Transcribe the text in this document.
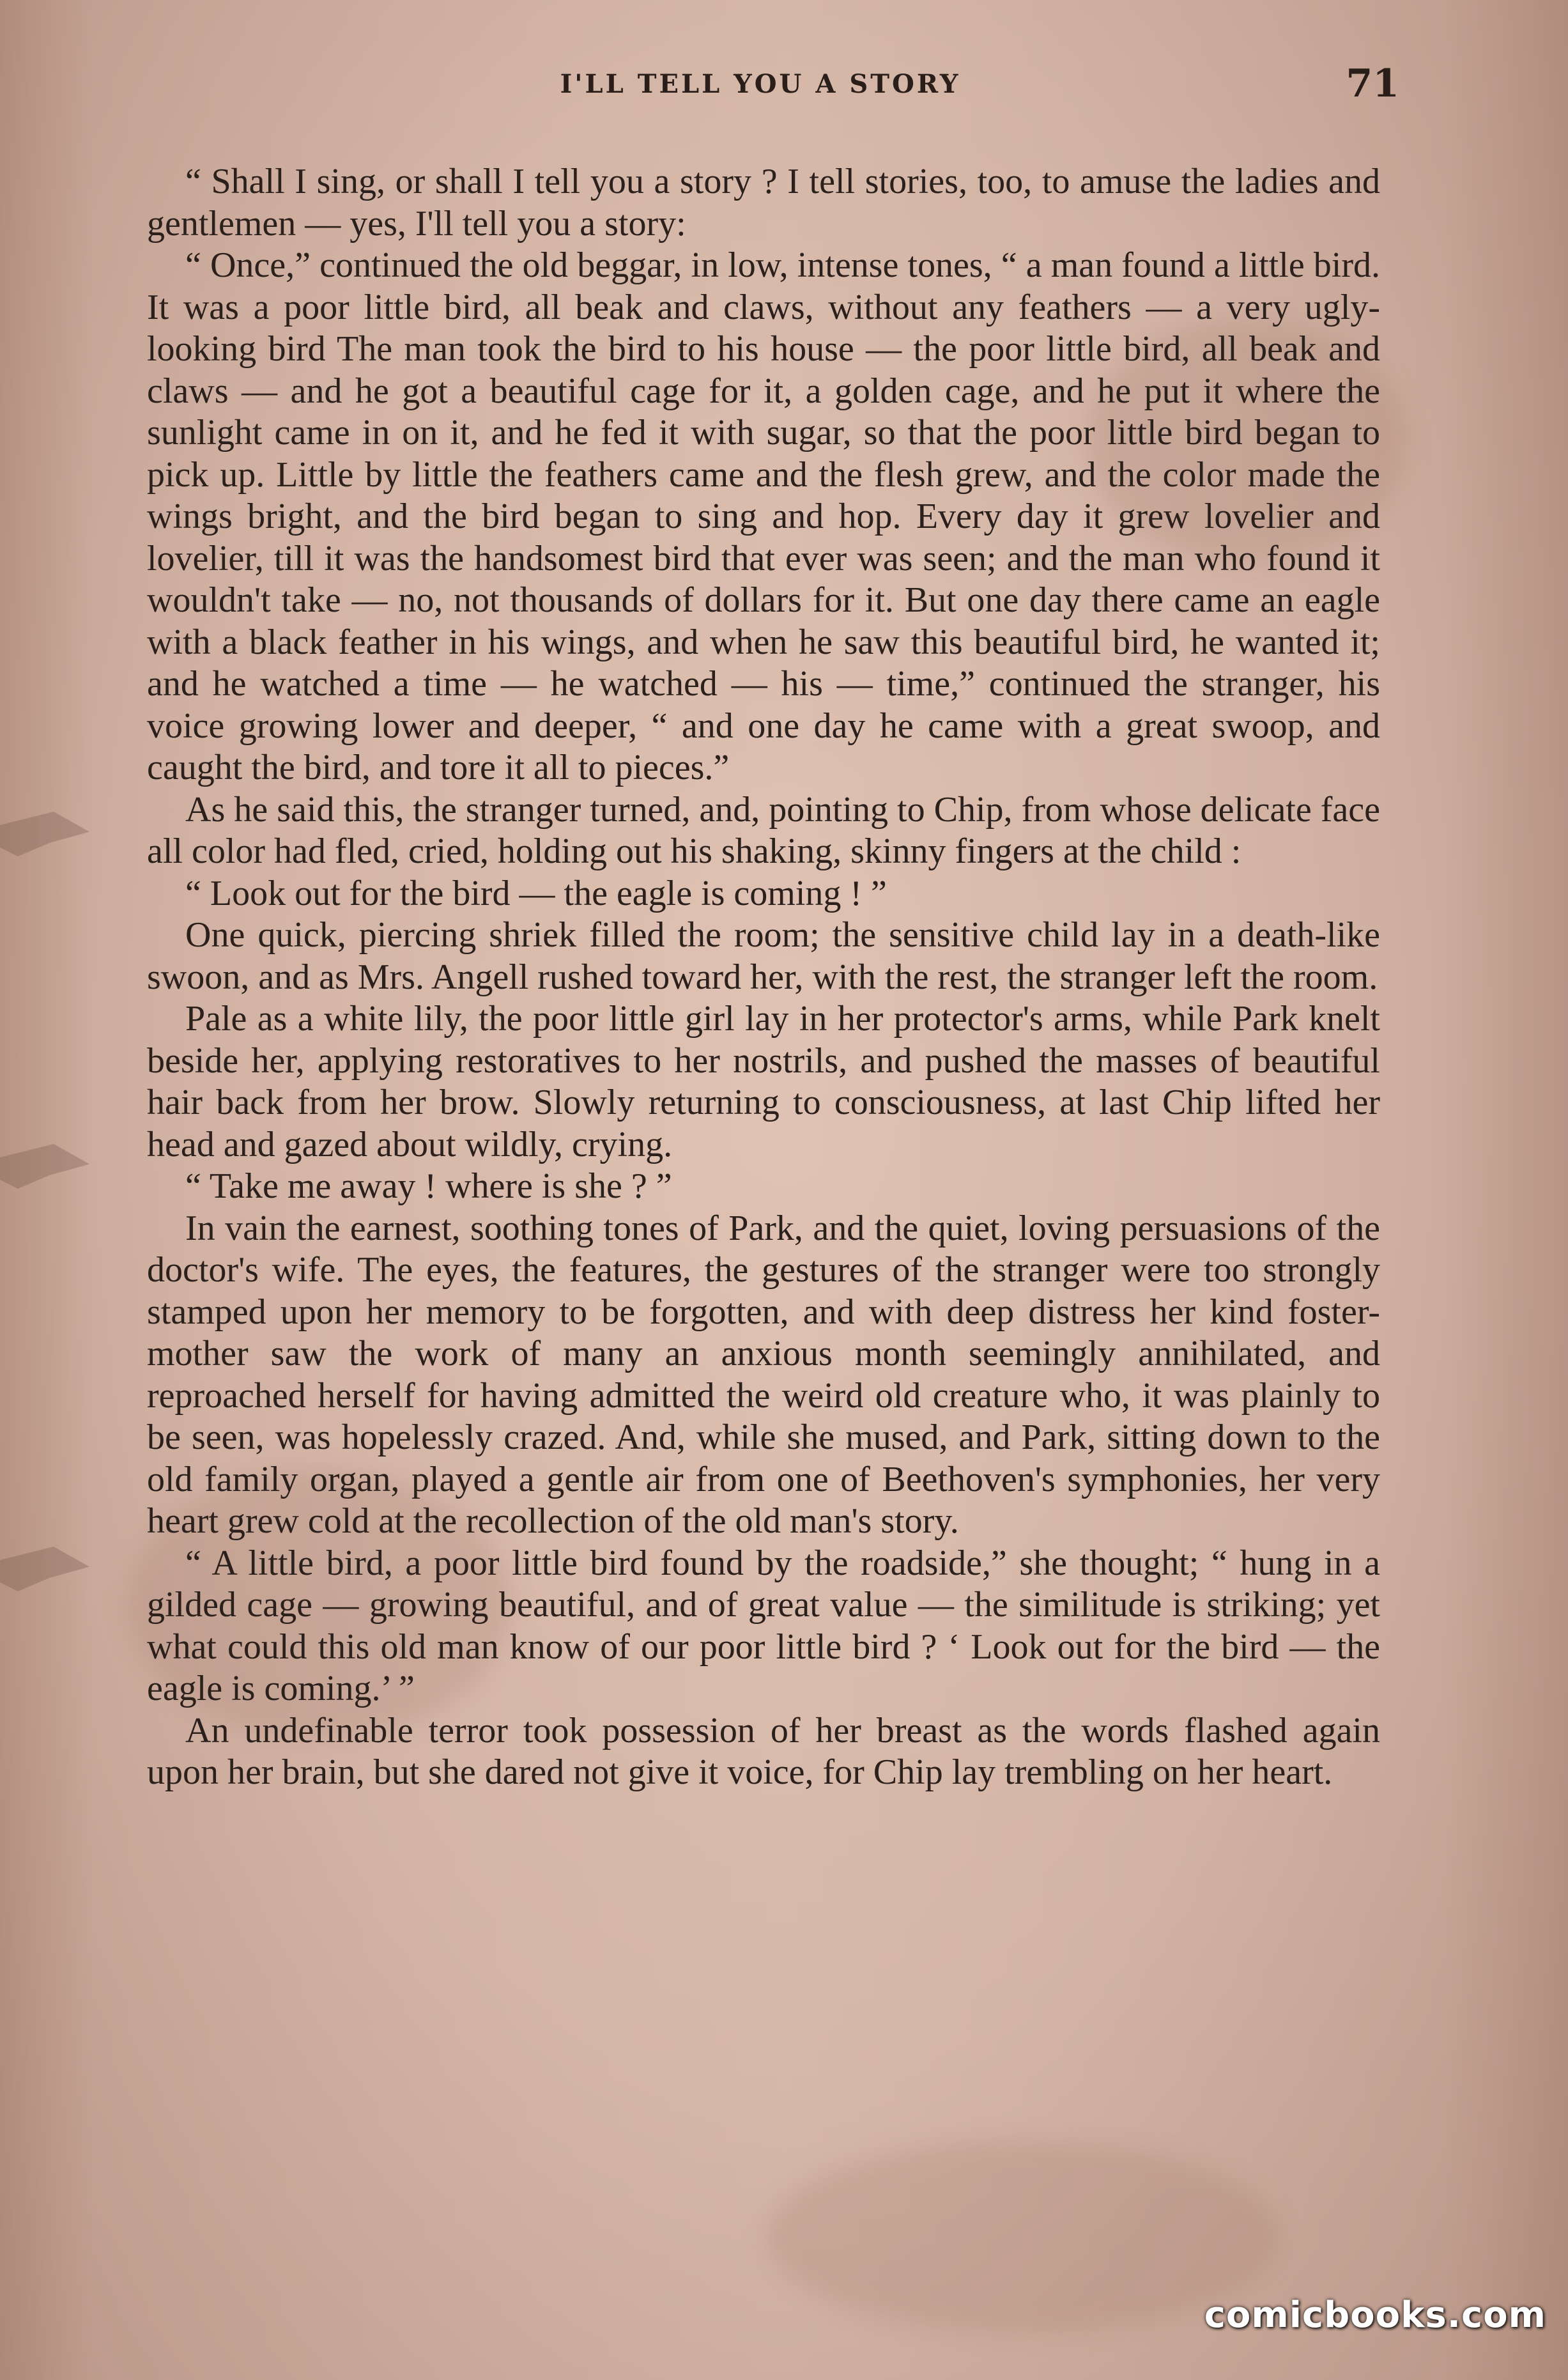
I'LL TELL YOU A STORY	71

“ Shall I sing, or shall I tell you a story ? I tell stories, too, to amuse the ladies and gentlemen — yes, I'll tell you a story:

“ Once,” continued the old beggar, in low, intense tones, “ a man found a little bird. It was a poor little bird, all beak and claws, without any feathers — a very ugly-looking bird The man took the bird to his house — the poor little bird, all beak and claws — and he got a beautiful cage for it, a golden cage, and he put it where the sunlight came in on it, and he fed it with sugar, so that the poor little bird began to pick up. Little by little the feathers came and the flesh grew, and the color made the wings bright, and the bird began to sing and hop. Every day it grew lovelier and lovelier, till it was the handsomest bird that ever was seen; and the man who found it wouldn't take — no, not thousands of dollars for it. But one day there came an eagle with a black feather in his wings, and when he saw this beautiful bird, he wanted it; and he watched a time — he watched — his — time,” continued the stranger, his voice growing lower and deeper, “ and one day he came with a great swoop, and caught the bird, and tore it all to pieces.”

As he said this, the stranger turned, and, pointing to Chip, from whose delicate face all color had fled, cried, holding out his shaking, skinny fingers at the child :

“ Look out for the bird — the eagle is coming ! ”

One quick, piercing shriek filled the room; the sensitive child lay in a death-like swoon, and as Mrs. Angell rushed toward her, with the rest, the stranger left the room.

Pale as a white lily, the poor little girl lay in her protector's arms, while Park knelt beside her, applying restoratives to her nostrils, and pushed the masses of beautiful hair back from her brow. Slowly returning to consciousness, at last Chip lifted her head and gazed about wildly, crying.

“ Take me away ! where is she ? ”

In vain the earnest, soothing tones of Park, and the quiet, loving persuasions of the doctor's wife. The eyes, the features, the gestures of the stranger were too strongly stamped upon her memory to be forgotten, and with deep distress her kind foster-mother saw the work of many an anxious month seemingly annihilated, and reproached herself for having admitted the weird old creature who, it was plainly to be seen, was hopelessly crazed. And, while she mused, and Park, sitting down to the old family organ, played a gentle air from one of Beethoven's symphonies, her very heart grew cold at the recollection of the old man's story.

“ A little bird, a poor little bird found by the roadside,” she thought; “ hung in a gilded cage — growing beautiful, and of great value — the similitude is striking; yet what could this old man know of our poor little bird ? ‘ Look out for the bird — the eagle is coming.’ ”

An undefinable terror took possession of her breast as the words flashed again upon her brain, but she dared not give it voice, for Chip lay trembling on her heart.

comicbooks.com
